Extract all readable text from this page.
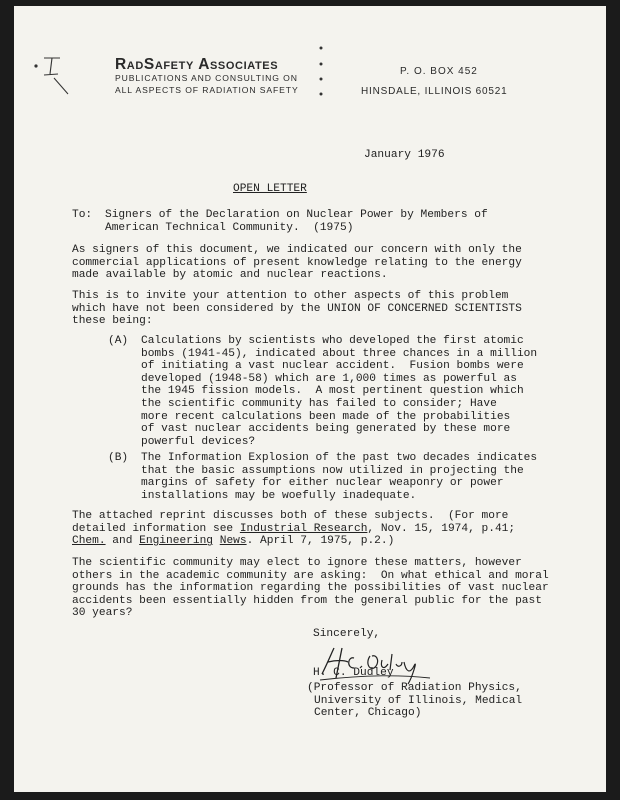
I
RadSafety Associates
PUBLICATIONS AND CONSULTING ON
ALL ASPECTS OF RADIATION SAFETY
P. O. BOX 452
HINSDALE, ILLINOIS 60521
January 1976
OPEN LETTER
To: Signers of the Declaration on Nuclear Power by Members of
American Technical Community.  (1975)
As signers of this document, we indicated our concern with only the
commercial applications of present knowledge relating to the energy
made available by atomic and nuclear reactions.
This is to invite your attention to other aspects of this problem
which have not been considered by the UNION OF CONCERNED SCIENTISTS
these being:
(A) Calculations by scientists who developed the first atomic
bombs (1941-45), indicated about three chances in a million
of initiating a vast nuclear accident.  Fusion bombs were
developed (1948-58) which are 1,000 times as powerful as
the 1945 fission models.  A most pertinent question which
the scientific community has failed to consider; Have
more recent calculations been made of the probabilities
of vast nuclear accidents being generated by these more
powerful devices?
(B) The Information Explosion of the past two decades indicates
that the basic assumptions now utilized in projecting the
margins of safety for either nuclear weaponry or power
installations may be woefully inadequate.
The attached reprint discusses both of these subjects.  (For more
detailed information see Industrial Research, Nov. 15, 1974, p.41;
Chem. and Engineering News. April 7, 1975, p.2.)
The scientific community may elect to ignore these matters, however
others in the academic community are asking:  On what ethical and moral
grounds has the information regarding the possibilities of vast nuclear
accidents been essentially hidden from the general public for the past
30 years?
Sincerely,
H. C. Dudley
(Professor of Radiation Physics,
University of Illinois, Medical
Center, Chicago)
